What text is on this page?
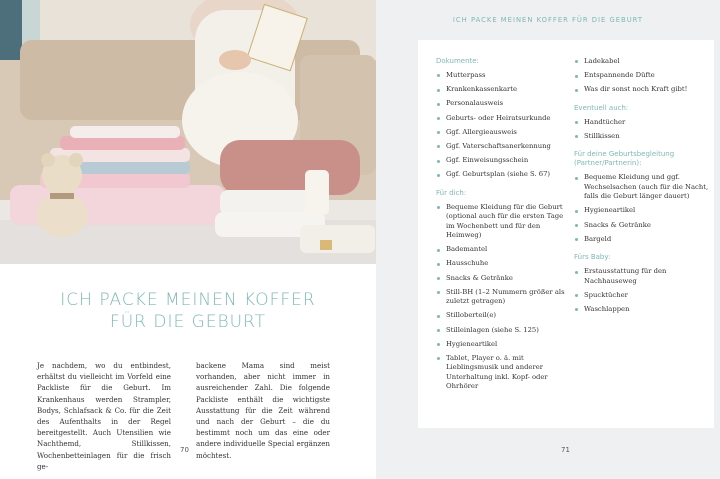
ICH PACKE MEINEN KOFFER
FÜR DIE GEBURT
Je nachdem, wo du entbindest, erhältst du vielleicht im Vorfeld eine Packliste für die Geburt. Im Krankenhaus werden Strampler, Bodys, Schlafsack & Co. für die Zeit des Aufenthalts in der Regel bereitgestellt. Auch Utensilien wie Nachthemd, Stillkissen, Wochenbetteinlagen für die frisch ge-
backene Mama sind meist vorhanden, aber nicht immer in ausreichender Zahl. Die folgende Packliste enthält die wichtigste Ausstattung für die Zeit während und nach der Geburt – die du bestimmt noch um das eine oder andere individuelle Special ergänzen möchtest.
70
ICH PACKE MEINEN KOFFER FÜR DIE GEBURT
Dokumente:
Mutterpass
Krankenkassenkarte
Personalausweis
Geburts- oder Heiratsurkunde
Ggf. Allergieausweis
Ggf. Vaterschaftsanerkennung
Ggf. Einweisungsschein
Ggf. Geburtsplan (siehe S. 67)
Für dich:
Bequeme Kleidung für die Geburt (optional auch für die ersten Tage im Wochenbett und für den Heimweg)
Bademantel
Hausschuhe
Snacks & Getränke
Still-BH (1–2 Nummern größer als zuletzt getragen)
Stilloberteil(e)
Stilleinlagen (siehe S. 125)
Hygieneartikel
Tablet, Player o. ä. mit Lieblingsmusik und anderer Unterhaltung inkl. Kopf- oder Ohrhörer
Ladekabel
Entspannende Düfte
Was dir sonst noch Kraft gibt!
Eventuell auch:
Handtücher
Stillkissen
Für deine Geburtsbegleitung (Partner/Partnerin):
Bequeme Kleidung und ggf. Wechselsachen (auch für die Nacht, falls die Geburt länger dauert)
Hygieneartikel
Snacks & Getränke
Bargeld
Fürs Baby:
Erstausstattung für den Nachhauseweg
Spucktücher
Waschlappen
71
